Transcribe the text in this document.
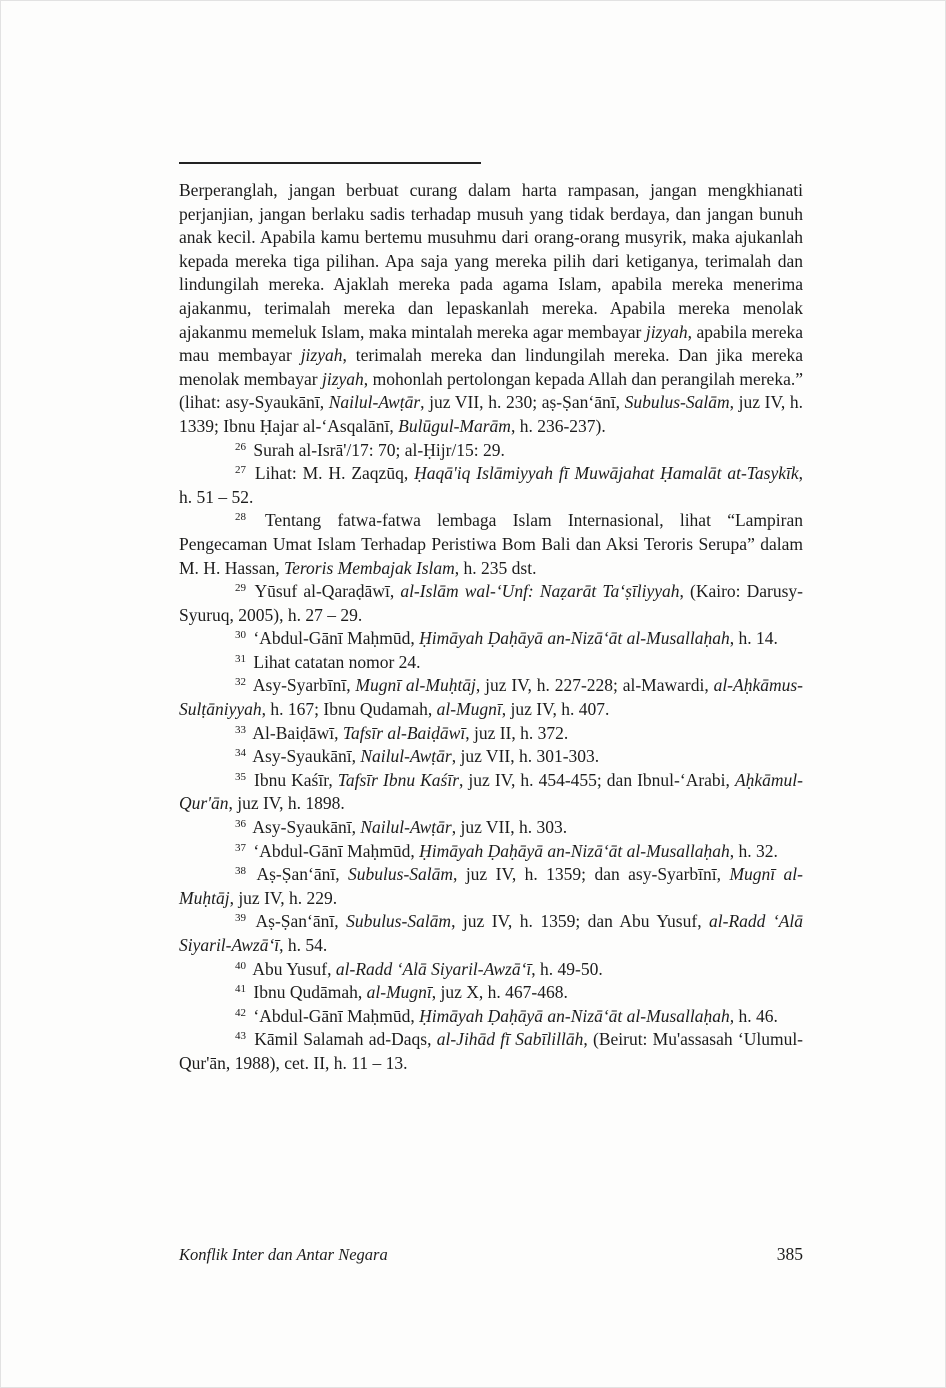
Berperanglah, jangan berbuat curang dalam harta rampasan, jangan mengkhianati perjanjian, jangan berlaku sadis terhadap musuh yang tidak berdaya, dan jangan bunuh anak kecil. Apabila kamu bertemu musuhmu dari orang-orang musyrik, maka ajukanlah kepada mereka tiga pilihan. Apa saja yang mereka pilih dari ketiganya, terimalah dan lindungilah mereka. Ajaklah mereka pada agama Islam, apabila mereka menerima ajakanmu, terimalah mereka dan lepaskanlah mereka. Apabila mereka menolak ajakanmu memeluk Islam, maka mintalah mereka agar membayar jizyah, apabila mereka mau membayar jizyah, terimalah mereka dan lindungilah mereka. Dan jika mereka menolak membayar jizyah, mohonlah pertolongan kepada Allah dan perangilah mereka.” (lihat: asy-Syaukānī, Nailul-Awṭār, juz VII, h. 230; aṣ-Ṣan‘ānī, Subulus-Salām, juz IV, h. 1339; Ibnu Ḥajar al-‘Asqalānī, Bulūgul-Marām, h. 236-237).

$^{26}$ Surah al-Isrā'/17: 70; al-Ḥijr/15: 29.

$^{27}$ Lihat: M. H. Zaqzūq, Ḥaqā'iq Islāmiyyah fī Muwājahat Ḥamalāt at-Tasykīk, h. 51 – 52.

$^{28}$ Tentang fatwa-fatwa lembaga Islam Internasional, lihat “Lampiran Pengecaman Umat Islam Terhadap Peristiwa Bom Bali dan Aksi Teroris Serupa” dalam M. H. Hassan, Teroris Membajak Islam, h. 235 dst.

$^{29}$ Yūsuf al-Qaraḍāwī, al-Islām wal-‘Unf: Naẓarāt Ta‘ṣīliyyah, (Kairo: Darusy-Syuruq, 2005), h. 27 – 29.

$^{30}$ ‘Abdul-Gānī Maḥmūd, Ḥimāyah Ḍaḥāyā an-Nizā‘āt al-Musallaḥah, h. 14.

$^{31}$ Lihat catatan nomor 24.

$^{32}$ Asy-Syarbīnī, Mugnī al-Muḥtāj, juz IV, h. 227-228; al-Mawardi, al-Aḥkāmus-Sulṭāniyyah, h. 167; Ibnu Qudamah, al-Mugnī, juz IV, h. 407.

$^{33}$ Al-Baiḍāwī, Tafsīr al-Baiḍāwī, juz II, h. 372.

$^{34}$ Asy-Syaukānī, Nailul-Awṭār, juz VII, h. 301-303.

$^{35}$ Ibnu Kaśīr, Tafsīr Ibnu Kaśīr, juz IV, h. 454-455; dan Ibnul-‘Arabi, Aḥkāmul-Qur'ān, juz IV, h. 1898.

$^{36}$ Asy-Syaukānī, Nailul-Awṭār, juz VII, h. 303.

$^{37}$ ‘Abdul-Gānī Maḥmūd, Ḥimāyah Ḍaḥāyā an-Nizā‘āt al-Musallaḥah, h. 32.

$^{38}$ Aṣ-Ṣan‘ānī, Subulus-Salām, juz IV, h. 1359; dan asy-Syarbīnī, Mugnī al-Muḥtāj, juz IV, h. 229.

$^{39}$ Aṣ-Ṣan‘ānī, Subulus-Salām, juz IV, h. 1359; dan Abu Yusuf, al-Radd ‘Alā Siyaril-Awzā‘ī, h. 54.

$^{40}$ Abu Yusuf, al-Radd ‘Alā Siyaril-Awzā‘ī, h. 49-50.

$^{41}$ Ibnu Qudāmah, al-Mugnī, juz X, h. 467-468.

$^{42}$ ‘Abdul-Gānī Maḥmūd, Ḥimāyah Ḍaḥāyā an-Nizā‘āt al-Musallaḥah, h. 46.

$^{43}$ Kāmil Salamah ad-Daqs, al-Jihād fī Sabīlillāh, (Beirut: Mu'assasah ‘Ulumul-Qur'ān, 1988), cet. II, h. 11 – 13.

Konflik Inter dan Antar Negara	385
